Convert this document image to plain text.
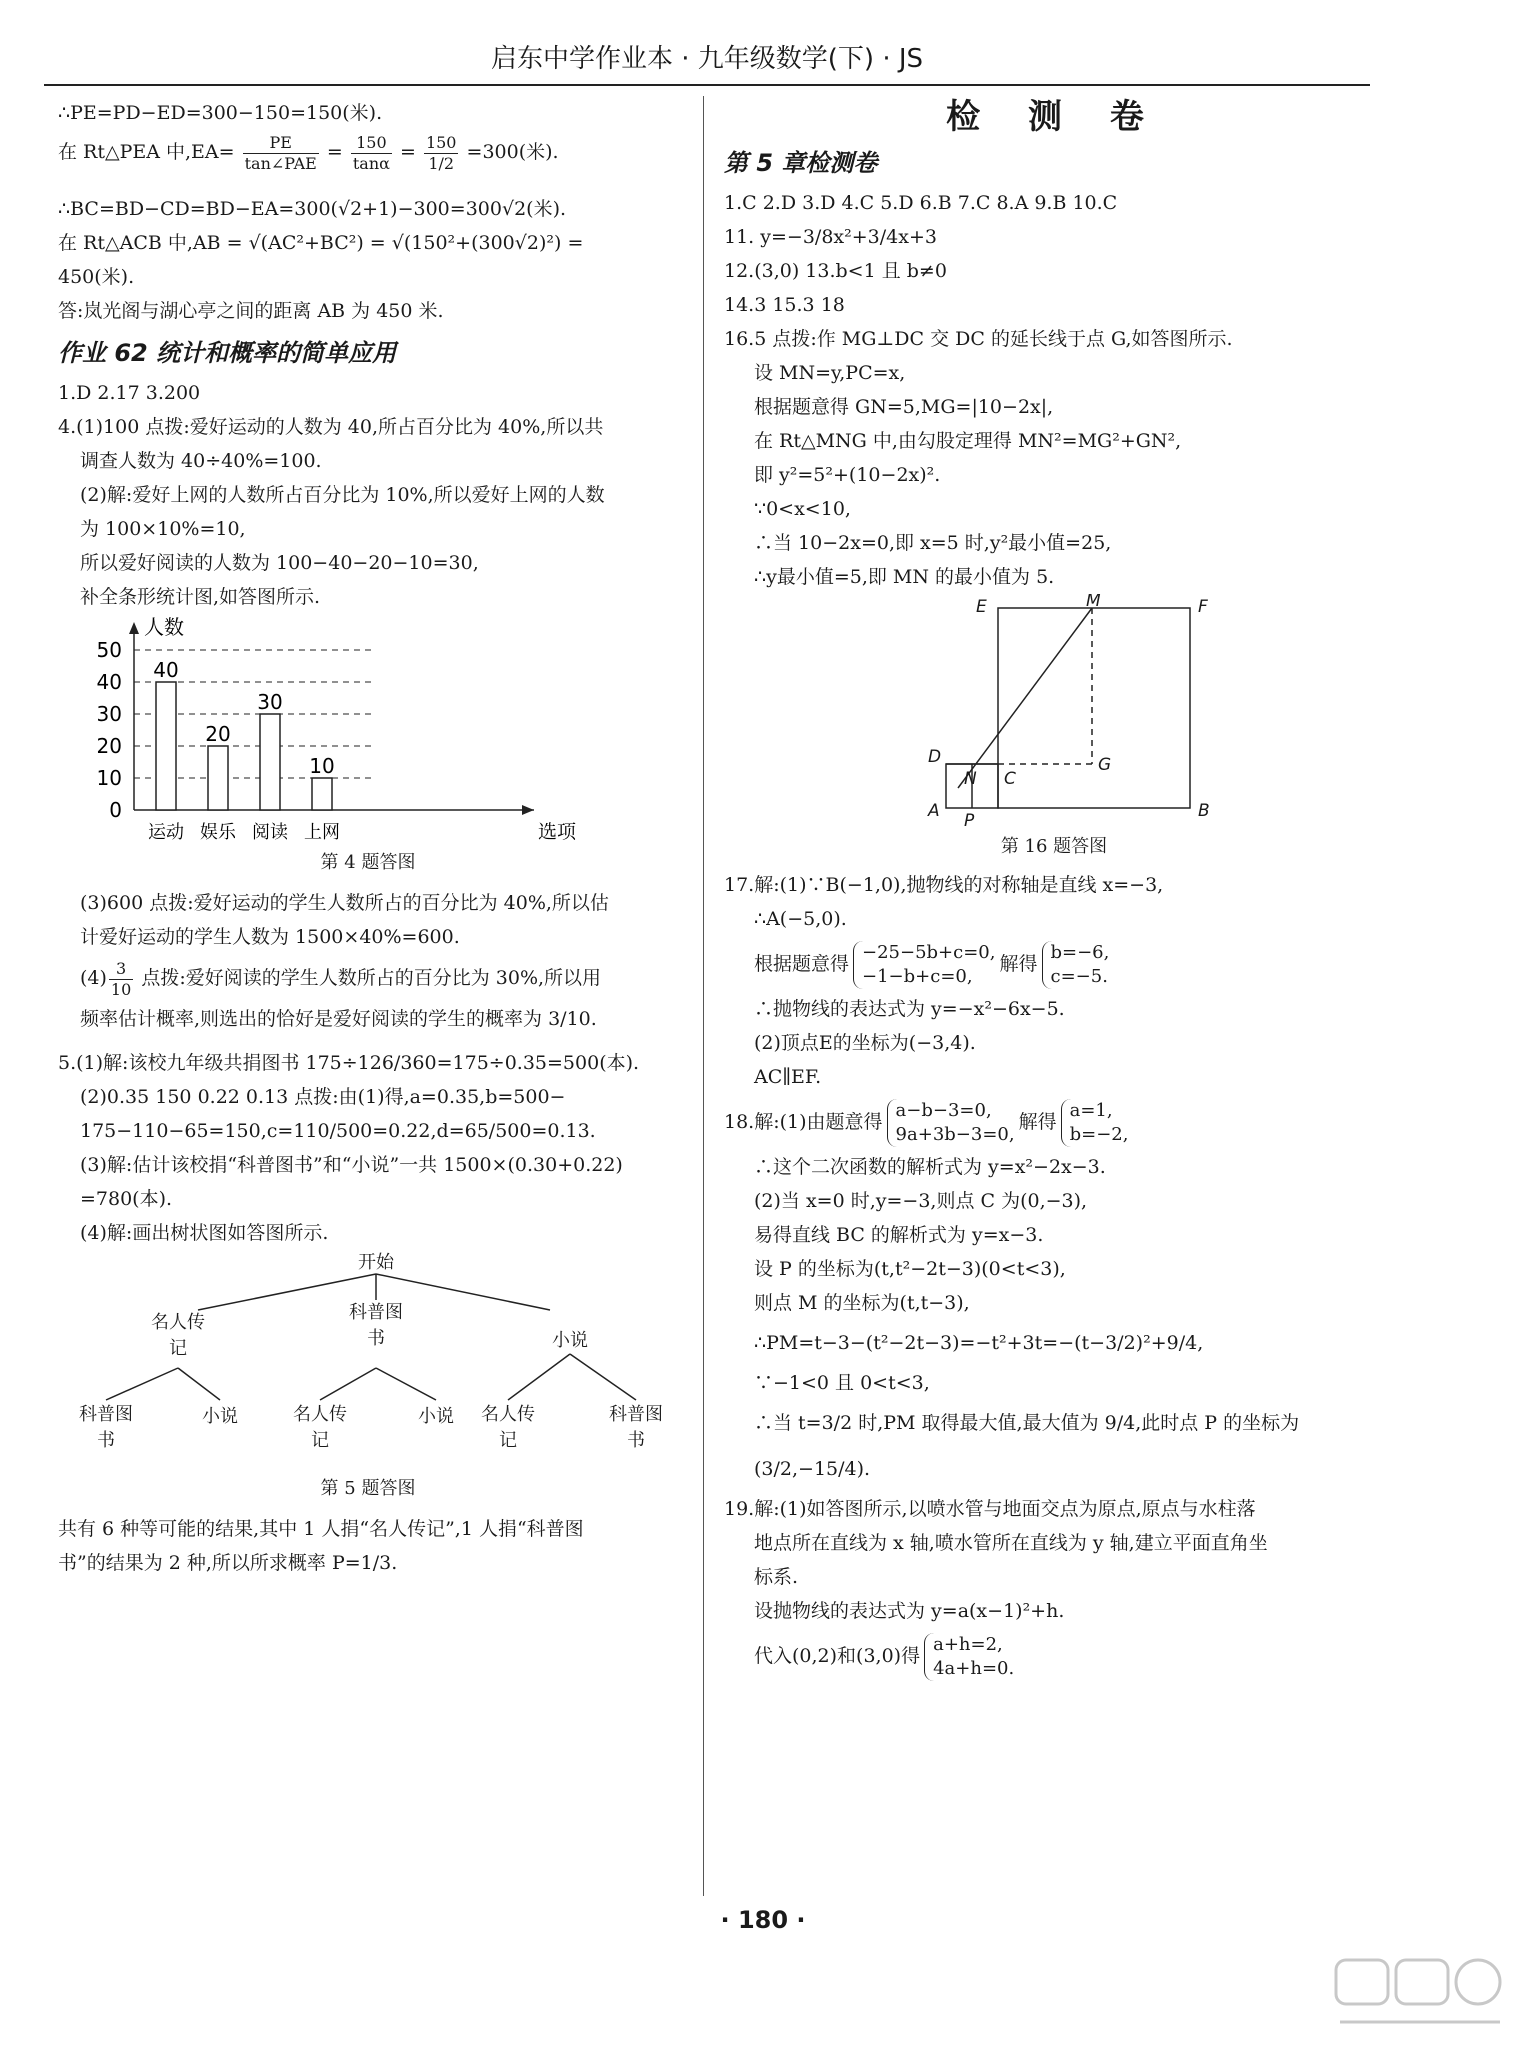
启东中学作业本 · 九年级数学(下) · JS

∴PE=PD−ED=300−150=150(米).

在 Rt△PEA 中$,EA= \frac{PE}{\text{tan∠PAE}} = \frac{150}{\tan\alpha} = \frac{150}{1/2} =300$(米).

∴BC=BD−CD=BD−EA=300(√2+1)−300=300√2(米).

在 Rt△ACB 中,AB = √(AC²+BC²) = √(150²+(300√2)²) =

450(米).

答:岚光阁与湖心亭之间的距离 AB 为 450 米.

作业 62 统计和概率的简单应用

1.D 2.17 3.200

4.(1)100 点拨:爱好运动的人数为 40,所占百分比为 40%,所以共

调查人数为 40÷40%=100.

(2)解:爱好上网的人数所占百分比为 10%,所以爱好上网的人数

为 100×10%=10,

所以爱好阅读的人数为 100−40−20−10=30,

补全条形统计图,如答图所示.

人数
选项
0
10
20
30
40
50
40
运动
20
娱乐
30
阅读
10
上网

第 4 题答图

(3)600 点拨:爱好运动的学生人数所占的百分比为 40%,所以估

计爱好运动的学生人数为 1500×40%=600.

$(4) \frac{3}{10}$ 点拨:爱好阅读的学生人数所占的百分比为 30%,所以用

频率估计概率,则选出的恰好是爱好阅读的学生的概率为 3/10.

5.(1)解:该校九年级共捐图书 175÷126/360=175÷0.35=500(本).

(2)0.35 150 0.22 0.13 点拨:由(1)得,a=0.35,b=500−

175−110−65=150,c=110/500=0.22,d=65/500=0.13.

(3)解:估计该校捐“科普图书”和“小说”一共 1500×(0.30+0.22)

=780(本).

(4)解:画出树状图如答图所示.

开始
名人传记
科普图书	小说
科普图书
小说	名人传记
小说 名人传记
科普图书

第 5 题答图

共有 6 种等可能的结果,其中 1 人捐“名人传记”,1 人捐“科普图

书”的结果为 2 种,所以所求概率 P=1/3.

检 测 卷

第 5 章检测卷

1.C 2.D 3.D 4.C 5.D 6.B 7.C 8.A 9.B 10.C

11. y=−3/8x²+3/4x+3

12.(3,0) 13.b<1 且 b≠0

14.3 15.3 18

16.5 点拨:作 MG⊥DC 交 DC 的延长线于点 G,如答图所示.

设 MN=y,PC=x,

根据题意得 GN=5,MG=|10−2x|,

在 Rt△MNG 中,由勾股定理得 MN²=MG²+GN²,

即 y²=5²+(10−2x)².

∵0<x<10,

∴当 10−2x=0,即 x=5 时,y²最小值=25,

∴y最小值=5,即 MN 的最小值为 5.

E	M	F
D
N C
G
A P	B

第 16 题答图

17.解:(1)∵B(−1,0),抛物线的对称轴是直线 x=−3,

∴A(−5,0).

根据题意得
−25−5b+c=0,
−1−b+c=0,
解得
b=−6,
c=−5.

∴抛物线的表达式为 y=−x²−6x−5.

(2)顶点E的坐标为(−3,4).

AC∥EF.

18.解:(1)由题意得
a−b−3=0,
9a+3b−3=0,
解得
a=1,
b=−2,

∴这个二次函数的解析式为 y=x²−2x−3.

(2)当 x=0 时,y=−3,则点 C 为(0,−3),

易得直线 BC 的解析式为 y=x−3.

设 P 的坐标为(t,t²−2t−3)(0<t<3),

则点 M 的坐标为(t,t−3),

∴PM=t−3−(t²−2t−3)=−t²+3t=−(t−3/2)²+9/4,

∵−1<0 且 0<t<3,

∴当 t=3/2 时,PM 取得最大值,最大值为 9/4,此时点 P 的坐标为

(3/2,−15/4).

19.解:(1)如答图所示,以喷水管与地面交点为原点,原点与水柱落

地点所在直线为 x 轴,喷水管所在直线为 y 轴,建立平面直角坐

标系.

设抛物线的表达式为 y=a(x−1)²+h.

代入(0,2)和(3,0)得
a+h=2,
4a+h=0.

· 180 ·
